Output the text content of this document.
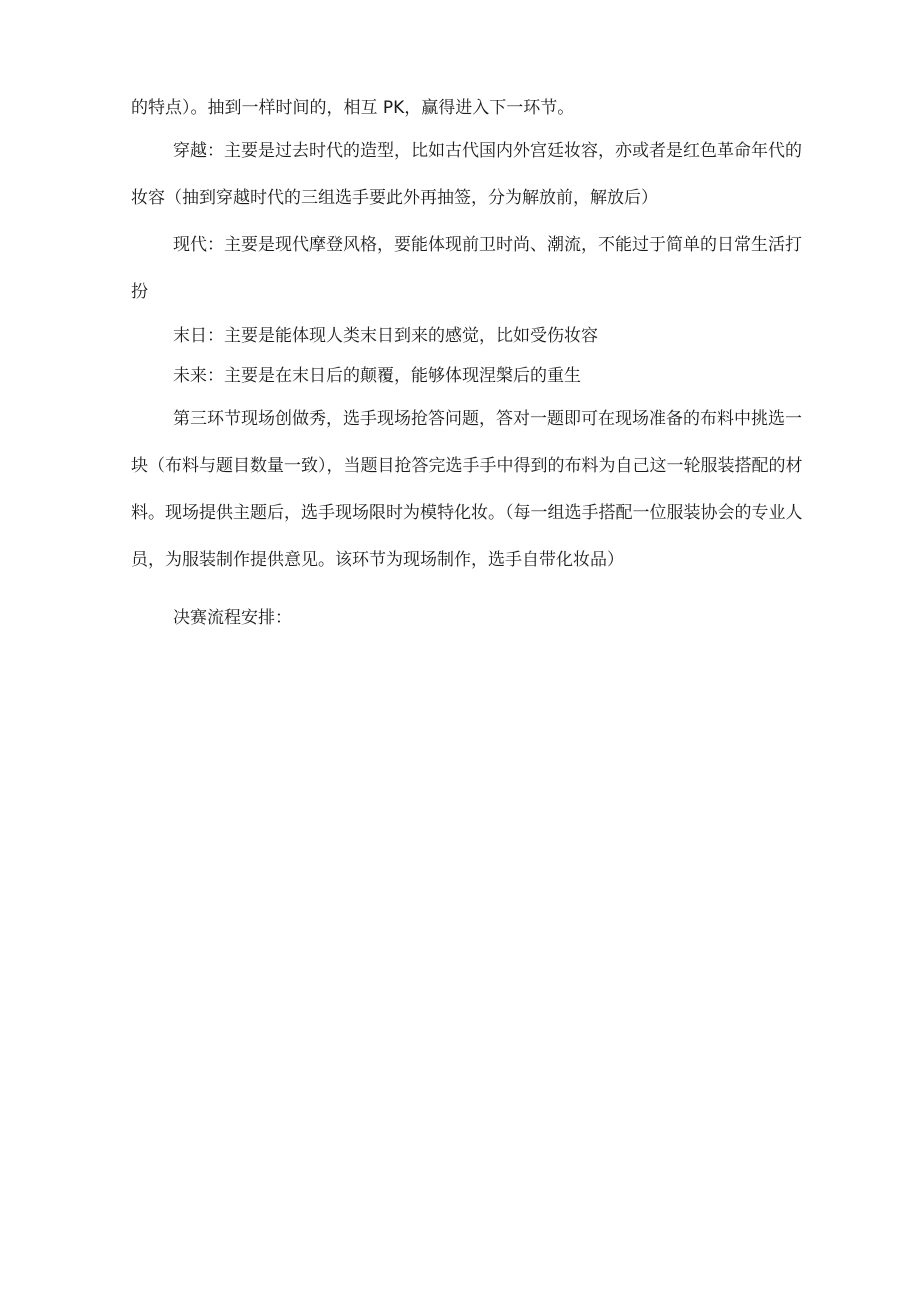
的特点）。抽到一样时间的，相互 PK，赢得进入下一环节。

穿越：主要是过去时代的造型，比如古代国内外宫廷妆容，亦或者是红色革命年代的妆容（抽到穿越时代的三组选手要此外再抽签，分为解放前，解放后）

现代：主要是现代摩登风格，要能体现前卫时尚、潮流，不能过于简单的日常生活打扮

末日：主要是能体现人类末日到来的感觉，比如受伤妆容

未来：主要是在末日后的颠覆，能够体现涅槃后的重生

第三环节现场创做秀，选手现场抢答问题，答对一题即可在现场准备的布料中挑选一块（布料与题目数量一致），当题目抢答完选手手中得到的布料为自己这一轮服装搭配的材料。现场提供主题后，选手现场限时为模特化妆。（每一组选手搭配一位服装协会的专业人员，为服装制作提供意见。该环节为现场制作，选手自带化妆品）

决赛流程安排：
